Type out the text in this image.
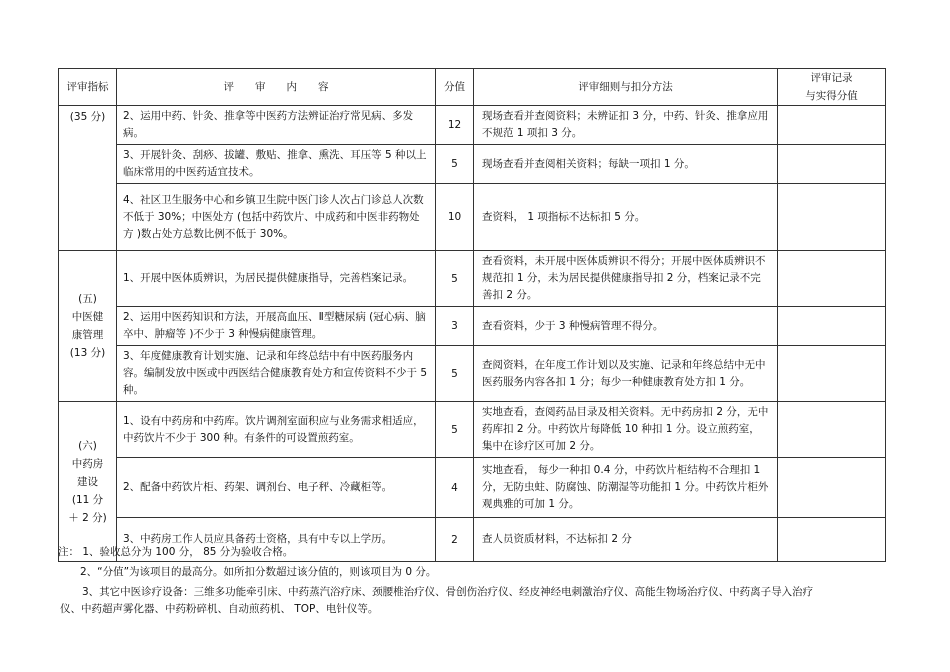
评审指标	评　　审　　内　　容	分值	评审细则与扣分方法	评审记录
与实得分值

(35 分)	2、运用中药、针灸、推拿等中医药方法辨证治疗常见病、多发病。	12	现场查看并查阅资料；未辨证扣 3 分，中药、针灸、推拿应用不规范 1 项扣 3 分。	
	3、开展针灸、刮痧、拔罐、敷贴、推拿、熏洗、耳压等 5 种以上临床常用的中医药适宜技术。	5	现场查看并查阅相关资料；每缺一项扣 1 分。	
	4、社区卫生服务中心和乡镇卫生院中医门诊人次占门诊总人次数不低于 30%；中医处方 (包括中药饮片、中成药和中医非药物处方 )数占处方总数比例不低于 30%。	10	查资料， 1 项指标不达标扣 5 分。	

(五)
中医健
康管理
(13 分)	1、开展中医体质辨识，为居民提供健康指导，完善档案记录。	5	查看资料，未开展中医体质辨识不得分；开展中医体质辨识不规范扣 1 分，未为居民提供健康指导扣 2 分，档案记录不完善扣 2 分。	
	2、运用中医药知识和方法，开展高血压、Ⅱ型糖尿病 (冠心病、脑卒中、肿瘤等 )不少于 3 种慢病健康管理。	3	查看资料，少于 3 种慢病管理不得分。	
	3、年度健康教育计划实施、记录和年终总结中有中医药服务内容。编制发放中医或中西医结合健康教育处方和宣传资料不少于 5 种。	5	查阅资料，在年度工作计划以及实施、记录和年终总结中无中医药服务内容各扣 1 分；每少一种健康教育处方扣 1 分。	

(六)
中药房
建设
(11 分
＋ 2 分)	1、设有中药房和中药库。饮片调剂室面积应与业务需求相适应， 中药饮片不少于 300 种。有条件的可设置煎药室。	5	实地查看，查阅药品目录及相关资料。无中药房扣 2 分，无中药库扣 2 分。中药饮片每降低 10 种扣 1 分。设立煎药室，集中在诊疗区可加 2 分。	
	2、配备中药饮片柜、药架、调剂台、电子秤、冷藏柜等。	4	实地查看， 每少一种扣 0.4 分，中药饮片柜结构不合理扣 1 分，无防虫蛀、防腐蚀、防潮湿等功能扣 1 分。中药饮片柜外观典雅的可加 1 分。	
	3、中药房工作人员应具备药士资格，具有中专以上学历。	2	查人员资质材料，不达标扣 2 分	
注： 1、验收总分为 100 分， 85 分为验收合格。
2、“分值”为该项目的最高分。如所扣分数超过该分值的，则该项目为 0 分。
3、其它中医诊疗设备：三维多功能牵引床、中药蒸汽浴疗床、颈腰椎治疗仪、骨创伤治疗仪、经皮神经电刺激治疗仪、高能生物场治疗仪、中药离子导入治疗仪、中药超声雾化器、中药粉碎机、自动煎药机、 TOP、电针仪等。
